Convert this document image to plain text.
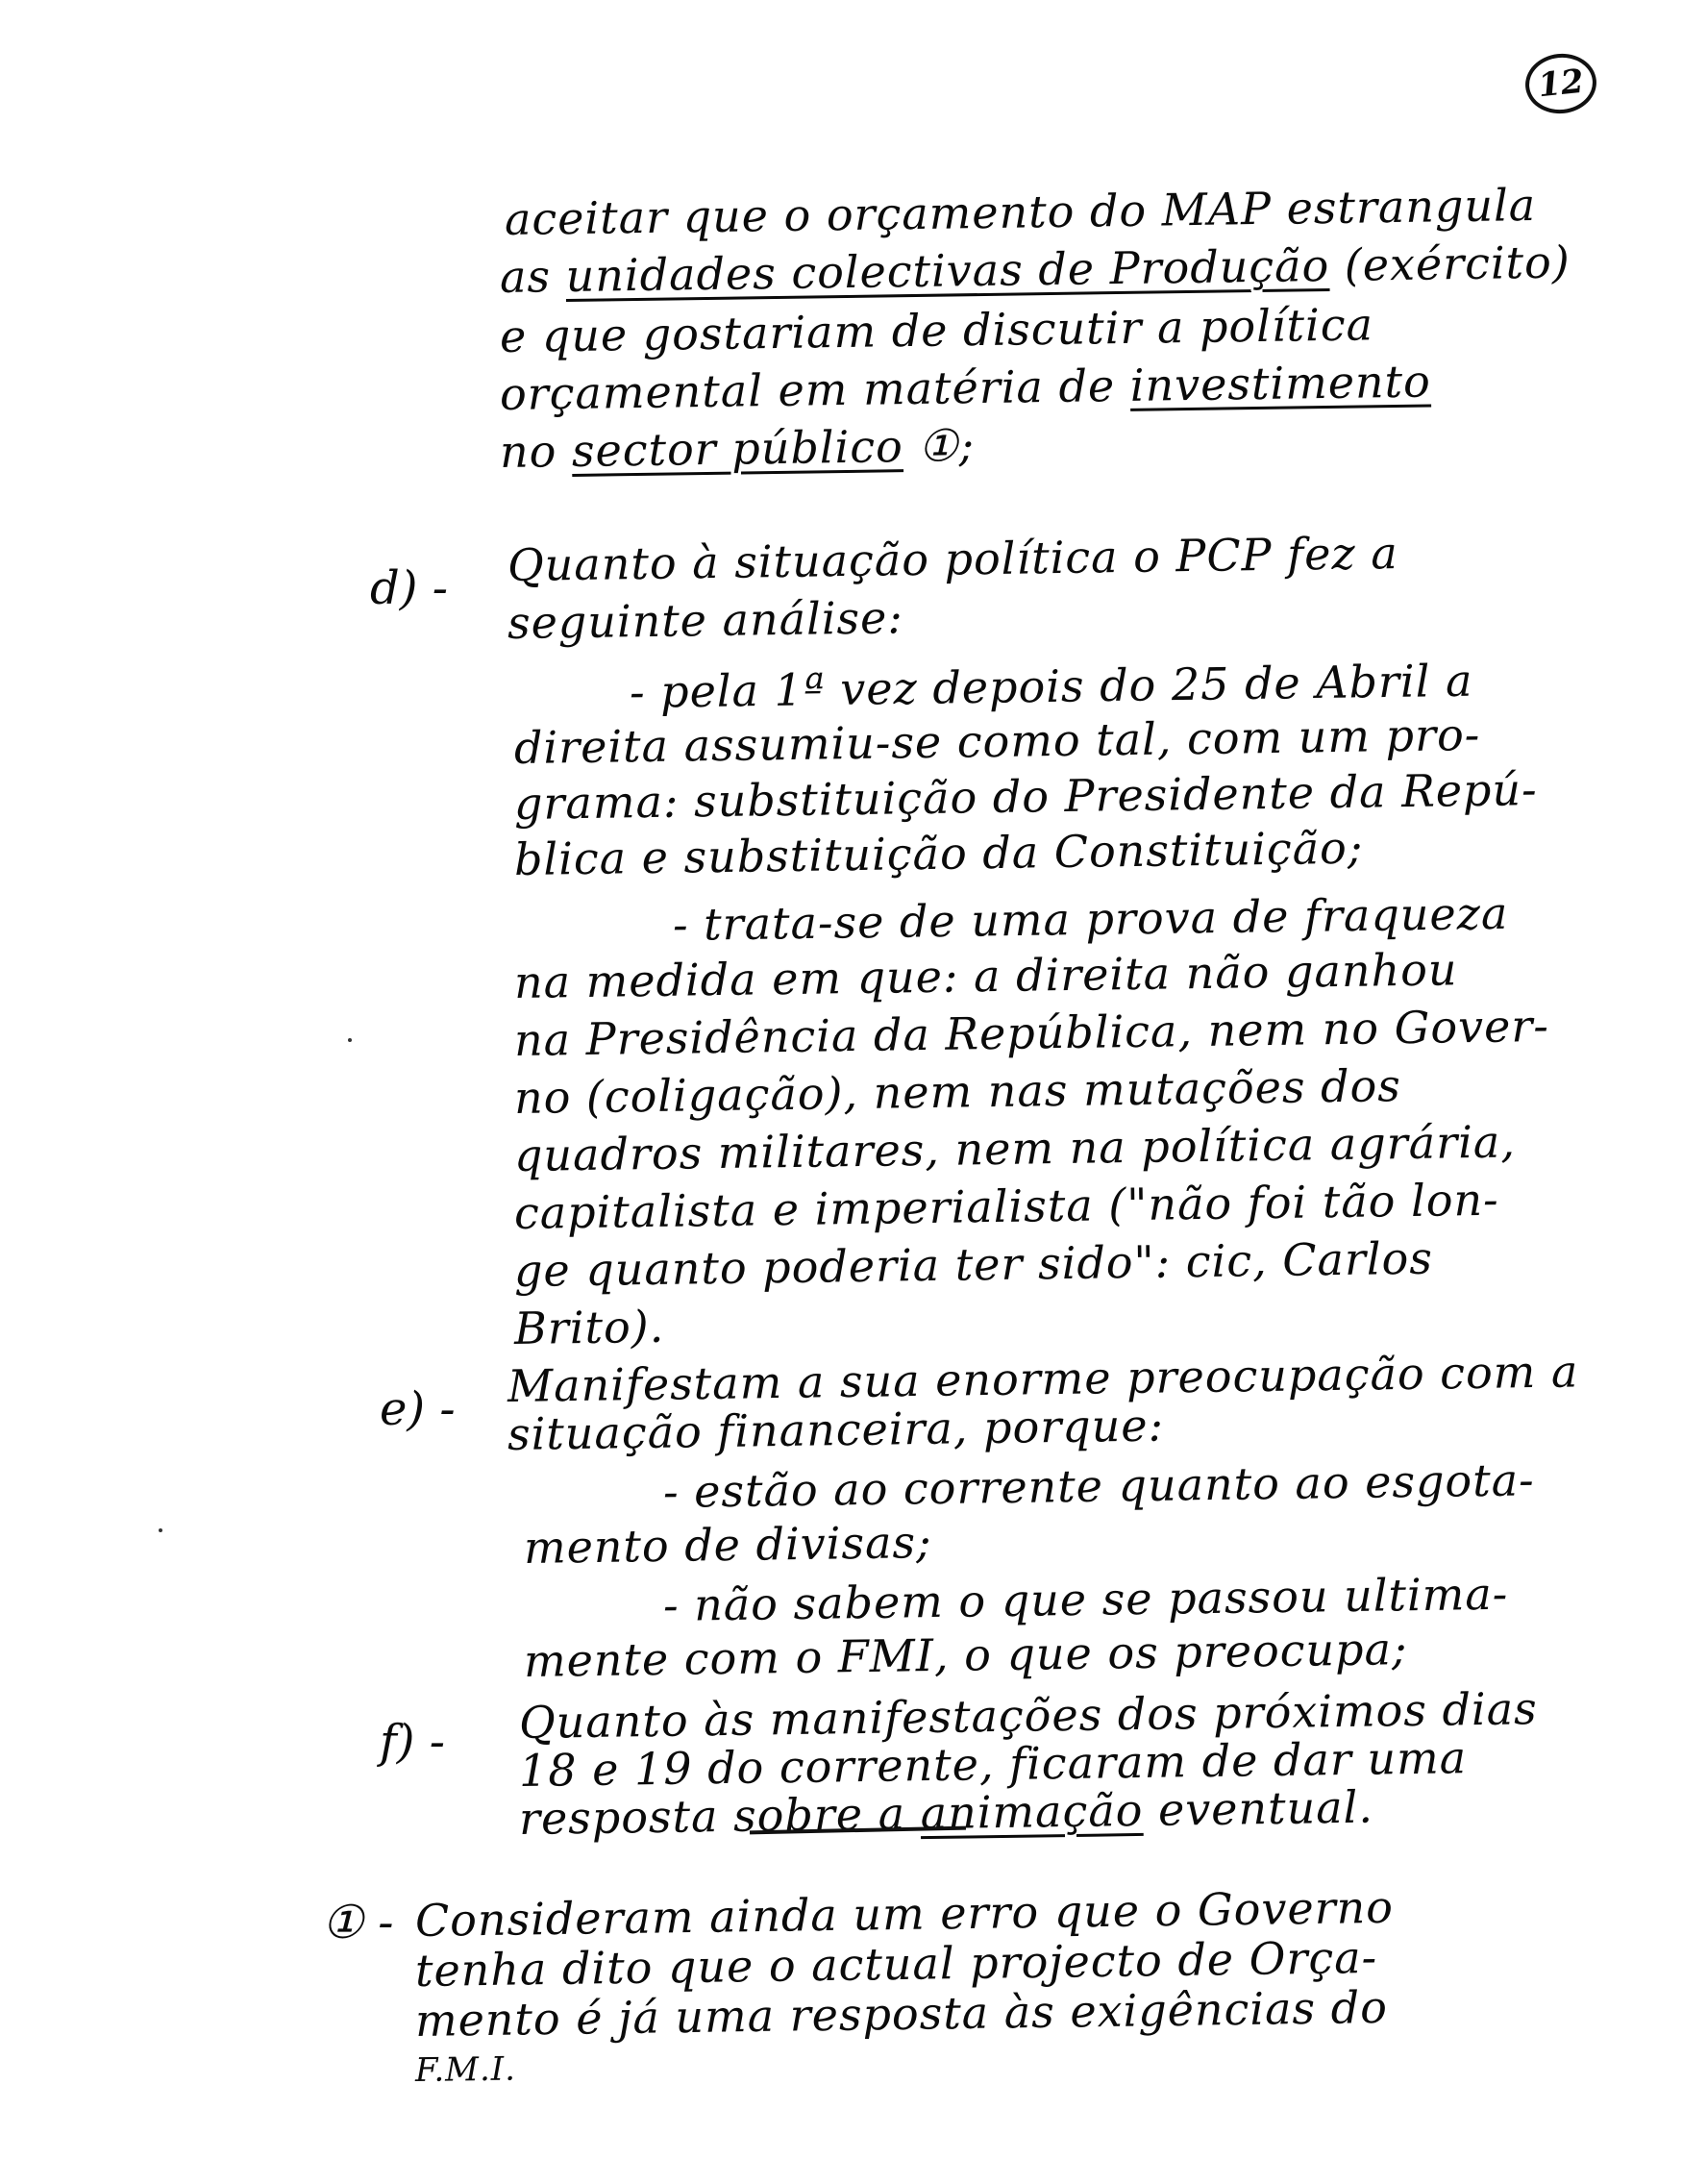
12
aceitar que o orçamento do MAP estrangula
as unidades colectivas de Produção (exército)
e que gostariam de discutir a política
orçamental em matéria de investimento
no sector público ①;
d) - Quanto à situação política o PCP fez a
seguinte análise:
- pela 1ª vez depois do 25 de Abril a
direita assumiu-se como tal, com um pro-
grama: substituição do Presidente da Repú-
blica e substituição da Constituição;
- trata-se de uma prova de fraqueza
na medida em que: a direita não ganhou
na Presidência da República, nem no Gover-
no (coligação), nem nas mutações dos
quadros militares, nem na política agrária,
capitalista e imperialista ("não foi tão lon-
ge quanto poderia ter sido": cic, Carlos
Brito).
e) - Manifestam a sua enorme preocupação com a
situação financeira, porque:
- estão ao corrente quanto ao esgota-
mento de divisas;
- não sabem o que se passou ultima-
mente com o FMI, o que os preocupa;
f) - Quanto às manifestações dos próximos dias
18 e 19 do corrente, ficaram de dar uma
resposta sobre a animação eventual.
① - Consideram ainda um erro que o Governo
tenha dito que o actual projecto de Orça-
mento é já uma resposta às exigências do
F.M.I.
